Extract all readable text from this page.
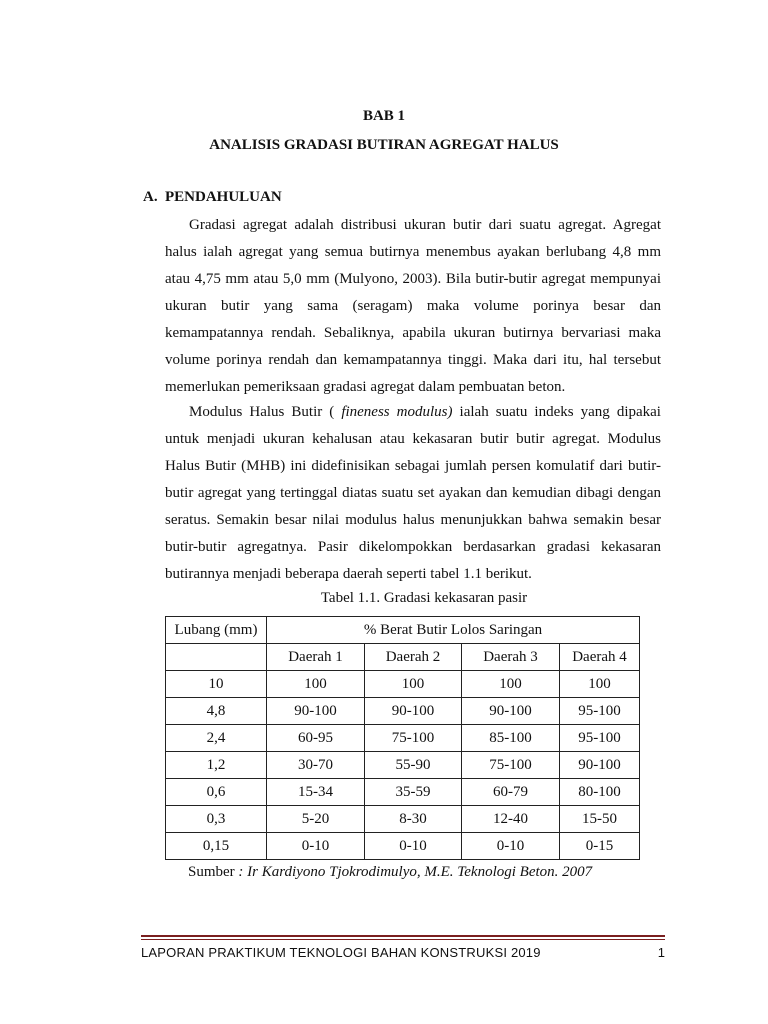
BAB 1
ANALISIS GRADASI BUTIRAN AGREGAT HALUS
A. PENDAHULUAN

Gradasi agregat adalah distribusi ukuran butir dari suatu agregat. Agregat halus ialah agregat yang semua butirnya menembus ayakan berlubang 4,8 mm atau 4,75 mm atau 5,0 mm (Mulyono, 2003). Bila butir-butir agregat mempunyai ukuran butir yang sama (seragam) maka volume porinya besar dan kemampatannya rendah. Sebaliknya, apabila ukuran butirnya bervariasi maka volume porinya rendah dan kemampatannya tinggi. Maka dari itu, hal tersebut memerlukan pemeriksaan gradasi agregat dalam pembuatan beton.

Modulus Halus Butir ( fineness modulus) ialah suatu indeks yang dipakai untuk menjadi ukuran kehalusan atau kekasaran butir butir agregat. Modulus Halus Butir (MHB) ini didefinisikan sebagai jumlah persen komulatif dari butir-butir agregat yang tertinggal diatas suatu set ayakan dan kemudian dibagi dengan seratus. Semakin besar nilai modulus halus menunjukkan bahwa semakin besar butir-butir agregatnya. Pasir dikelompokkan berdasarkan gradasi kekasaran butirannya menjadi beberapa daerah seperti tabel 1.1 berikut.

Tabel 1.1. Gradasi kekasaran pasir
Lubang (mm)	% Berat Butir Lolos Saringan			
	Daerah 1	Daerah 2	Daerah 3	Daerah 4
10	100	100	100	100
4,8	90-100	90-100	90-100	95-100
2,4	60-95	75-100	85-100	95-100
1,2	30-70	55-90	75-100	90-100
0,6	15-34	35-59	60-79	80-100
0,3	5-20	8-30	12-40	15-50
0,15	0-10	0-10	0-10	0-15
Sumber : Ir Kardiyono Tjokrodimulyo, M.E. Teknologi Beton. 2007
LAPORAN PRAKTIKUM TEKNOLOGI BAHAN KONSTRUKSI 2019	1
